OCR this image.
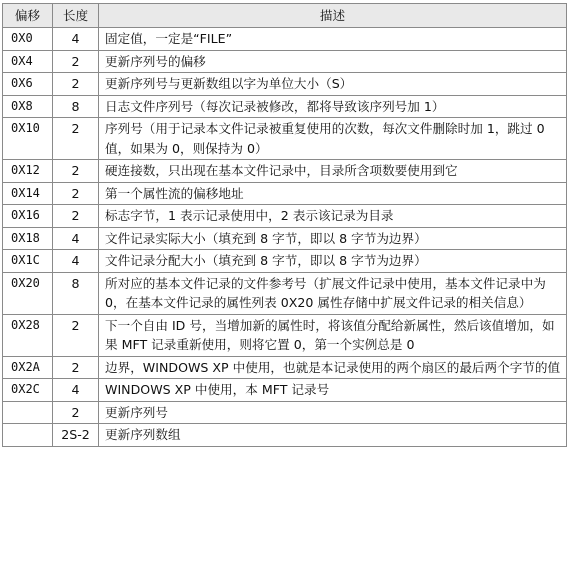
偏移	长度	描述
0X0	4	固定值，一定是“FILE”
0X4	2	更新序列号的偏移
0X6	2	更新序列号与更新数组以字为单位大小（S）
0X8	8	日志文件序列号（每次记录被修改，都将导致该序列号加 1）
0X10	2	序列号（用于记录本文件记录被重复使用的次数，每次文件删除时加 1，跳过 0 值，如果为 0，则保持为 0）
0X12	2	硬连接数，只出现在基本文件记录中，目录所含项数要使用到它
0X14	2	第一个属性流的偏移地址
0X16	2	标志字节，1 表示记录使用中，2 表示该记录为目录
0X18	4	文件记录实际大小（填充到 8 字节，即以 8 字节为边界）
0X1C	4	文件记录分配大小（填充到 8 字节，即以 8 字节为边界）
0X20	8	所对应的基本文件记录的文件参考号（扩展文件记录中使用，基本文件记录中为 0，在基本文件记录的属性列表 0X20 属性存储中扩展文件记录的相关信息）
0X28	2	下一个自由 ID 号，当增加新的属性时，将该值分配给新属性，然后该值增加，如果 MFT 记录重新使用，则将它置 0，第一个实例总是 0
0X2A	2	边界，WINDOWS XP 中使用，也就是本记录使用的两个扇区的最后两个字节的值
0X2C	4	WINDOWS XP 中使用，本 MFT 记录号
	2	更新序列号
	2S-2	更新序列数组
